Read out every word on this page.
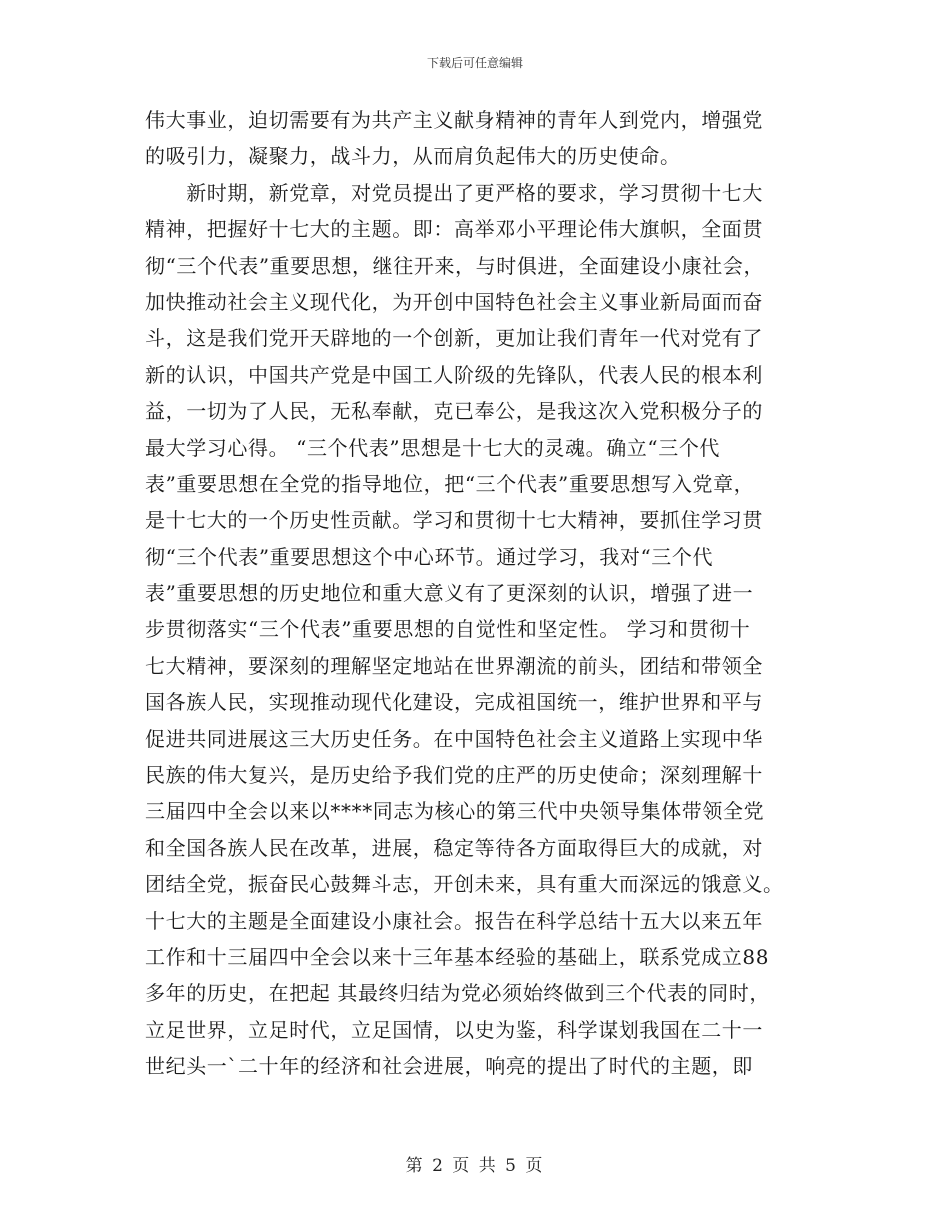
下载后可任意编辑
伟大事业，迫切需要有为共产主义献身精神的青年人到党内，增强党
的吸引力，凝聚力，战斗力，从而肩负起伟大的历史使命。
　　新时期，新党章，对党员提出了更严格的要求，学习贯彻十七大
精神，把握好十七大的主题。即：高举邓小平理论伟大旗帜，全面贯
彻“三个代表”重要思想，继往开来，与时俱进，全面建设小康社会，
加快推动社会主义现代化，为开创中国特色社会主义事业新局面而奋
斗，这是我们党开天辟地的一个创新，更加让我们青年一代对党有了
新的认识，中国共产党是中国工人阶级的先锋队，代表人民的根本利
益，一切为了人民，无私奉献，克已奉公，是我这次入党积极分子的
最大学习心得。 “三个代表”思想是十七大的灵魂。确立“三个代
表”重要思想在全党的指导地位，把“三个代表”重要思想写入党章，
是十七大的一个历史性贡献。学习和贯彻十七大精神，要抓住学习贯
彻“三个代表”重要思想这个中心环节。通过学习，我对“三个代
表”重要思想的历史地位和重大意义有了更深刻的认识，增强了进一
步贯彻落实“三个代表”重要思想的自觉性和坚定性。 学习和贯彻十
七大精神，要深刻的理解坚定地站在世界潮流的前头，团结和带领全
国各族人民，实现推动现代化建设，完成祖国统一，维护世界和平与
促进共同进展这三大历史任务。在中国特色社会主义道路上实现中华
民族的伟大复兴，是历史给予我们党的庄严的历史使命；深刻理解十
三届四中全会以来以****同志为核心的第三代中央领导集体带领全党
和全国各族人民在改革，进展，稳定等待各方面取得巨大的成就，对
团结全党，振奋民心鼓舞斗志，开创未来，具有重大而深远的饿意义。
十七大的主题是全面建设小康社会。报告在科学总结十五大以来五年
工作和十三届四中全会以来十三年基本经验的基础上，联系党成立88
多年的历史，在把起 其最终归结为党必须始终做到三个代表的同时，
立足世界，立足时代，立足国情，以史为鉴，科学谋划我国在二十一
世纪头一`二十年的经济和社会进展，响亮的提出了时代的主题，即
第 2 页 共 5 页
